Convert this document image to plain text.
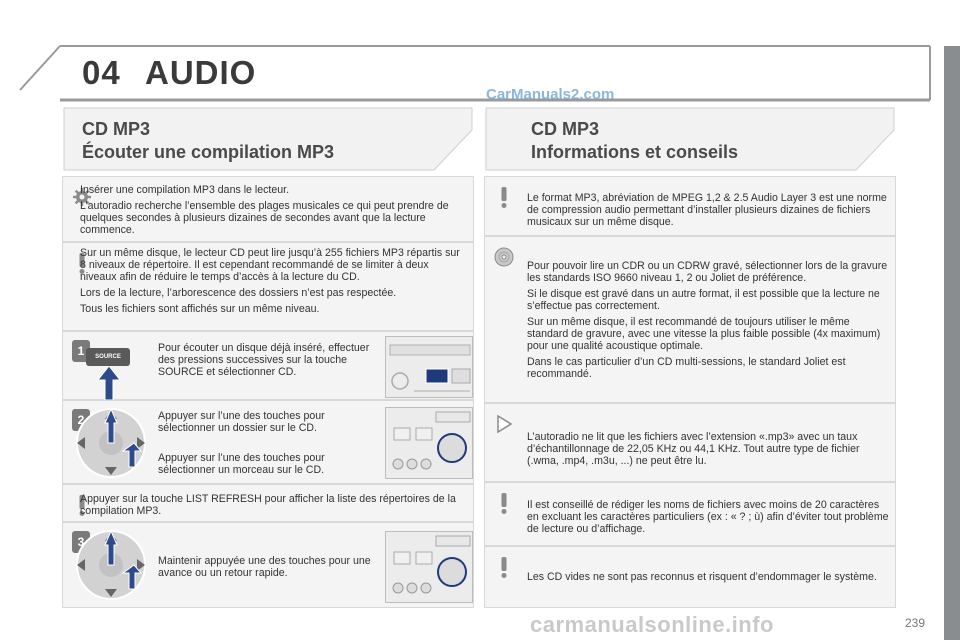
04 AUDIO
CarManuals2.com
CD MP3
Écouter une compilation MP3

Insérer une compilation MP3 dans le lecteur.

L’autoradio recherche l’ensemble des plages musicales ce qui peut prendre de quelques secondes à plusieurs dizaines de secondes avant que la lecture commence.

Sur un même disque, le lecteur CD peut lire jusqu’à 255 fichiers MP3 répartis sur 8 niveaux de répertoire. Il est cependant recommandé de se limiter à deux niveaux afin de réduire le temps d’accès à la lecture du CD.

Lors de la lecture, l’arborescence des dossiers n’est pas respectée.

Tous les fichiers sont affichés sur un même niveau.

1	SOURCE
Pour écouter un disque déjà inséré, effectuer des pressions successives sur la touche SOURCE et sélectionner CD.
2	Appuyer sur l’une des touches pour sélectionner un dossier sur le CD.
Appuyer sur l’une des touches pour sélectionner un morceau sur le CD.
Appuyer sur la touche LIST REFRESH pour afficher la liste des répertoires de la compilation MP3.
3
Maintenir appuyée une des touches pour une avance ou un retour rapide.
CD MP3
Informations et conseils
Le format MP3, abréviation de MPEG 1,2 & 2.5 Audio Layer 3 est une norme de compression audio permettant d’installer plusieurs dizaines de fichiers musicaux sur un même disque.

Pour pouvoir lire un CDR ou un CDRW gravé, sélectionner lors de la gravure les standards ISO 9660 niveau 1, 2 ou Joliet de préférence.

Si le disque est gravé dans un autre format, il est possible que la lecture ne s’effectue pas correctement.

Sur un même disque, il est recommandé de toujours utiliser le même standard de gravure, avec une vitesse la plus faible possible (4x maximum) pour une qualité acoustique optimale.

Dans le cas particulier d’un CD multi-sessions, le standard Joliet est recommandé.

L’autoradio ne lit que les fichiers avec l’extension «.mp3» avec un taux d’échantillonnage de 22,05 KHz ou 44,1 KHz. Tout autre type de fichier (.wma, .mp4, .m3u, ...) ne peut être lu.
Il est conseillé de rédiger les noms de fichiers avec moins de 20 caractères en excluant les caractères particuliers (ex : « ? ; ù) afin d’éviter tout problème de lecture ou d’affichage.
Les CD vides ne sont pas reconnus et risquent d’endommager le système.
239
carmanualsonline.info
